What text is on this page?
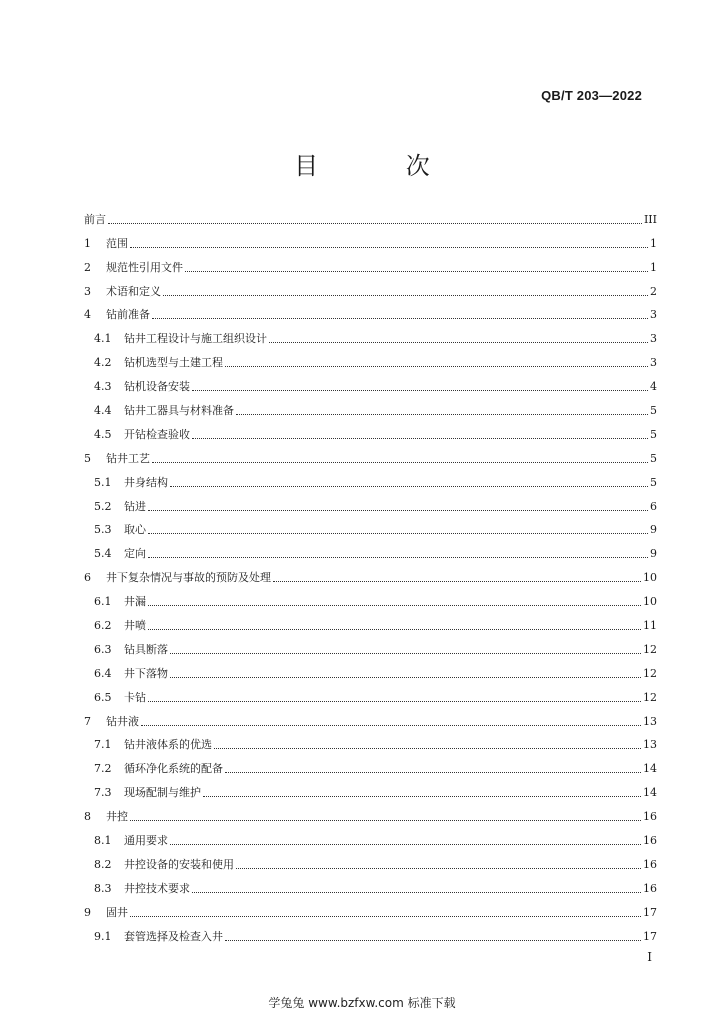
QB/T 203—2022
目 次
前言	III
1	范围	1
2	规范性引用文件	1
3	术语和定义	2
4	钻前准备	3
4.1	钻井工程设计与施工组织设计	3
4.2	钻机选型与土建工程	3
4.3	钻机设备安装	4
4.4	钻井工器具与材料准备	5
4.5	开钻检查验收	5
5	钻井工艺	5
5.1	井身结构	5
5.2	钻进	6
5.3	取心	9
5.4	定向	9
6	井下复杂情况与事故的预防及处理	10
6.1	井漏	10
6.2	井喷	11
6.3	钻具断落	12
6.4	井下落物	12
6.5	卡钻	12
7	钻井液	13
7.1	钻井液体系的优选	13
7.2	循环净化系统的配备	14
7.3	现场配制与维护	14
8	井控	16
8.1	通用要求	16
8.2	井控设备的安装和使用	16
8.3	井控技术要求	16
9	固井	17
9.1	套管选择及检查入井	17
I
学兔兔 www.bzfxw.com 标准下载
